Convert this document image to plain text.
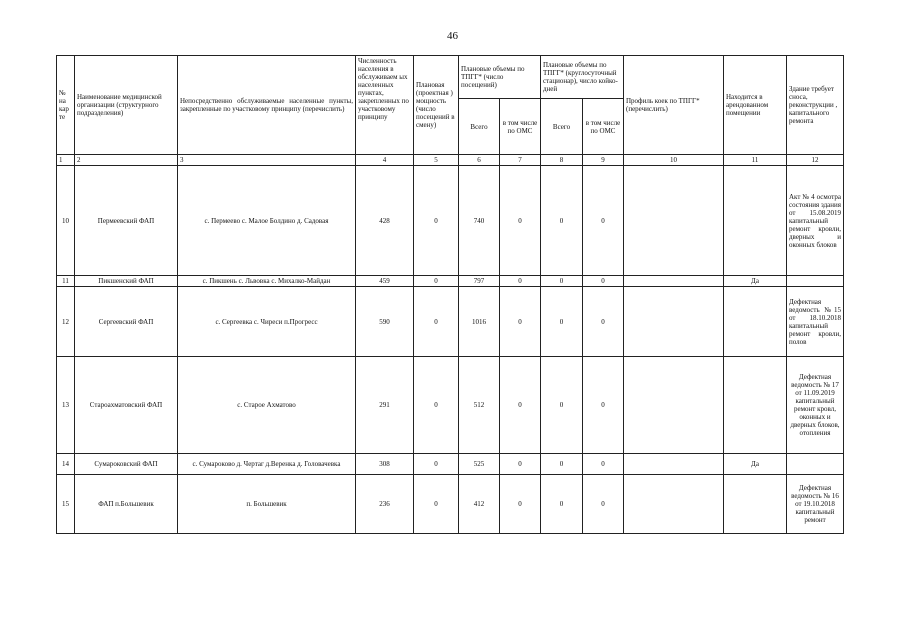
46
№ на кар те	Наименование медицинской организации (структурного подразделения)	Непосредственно обслуживаемые населенные пункты, закрепленные по участковому принципу (перечислить)	Численность населения в обслуживаем ых населенных пунктах, закрепленных по участковому принципу	Плановая (проектная ) мощность (число посещений в смену)	Плановые объемы по ТПГГ* (число посещений)		Плановые объемы по ТПГГ* (круглосуточный стационар), число койко-дней		Профиль коек по ТПГГ* (перечислить)	Находится в арендованном помещении	Здание требует сноса, реконструкции , капитального ремонта
					Всего	в том числе по ОМС	Всего	в том числе по ОМС			
1	2	3	4	5	6	7	8	9	10	11	12
10	Пермеевский ФАП	с. Пермеево с. Малое Болдино д. Садовая	428	0	740	0	0	0			Акт № 4 осмотра состояния здания от 15.08.2019 капитальный ремонт кровли, дверных и оконных блоков
11	Пикшенский ФАП	с. Пикшень с. Львовка с. Михалко-Майдан	459	0	797	0	0	0		Да	
12	Сергеевский ФАП	с. Сергеевка с. Чиреси п.Прогресс	590	0	1016	0	0	0			Дефектная ведомость №15 от 18.10.2018 капитальный ремонт кровли, полов
13	Староахматовский ФАП	с. Старое Ахматово	291	0	512	0	0	0			Дефектная ведомость № 17 от 11.09.2019 капитальный ремонт кровл, оконных и дверных блоков, отопления
14	Сумароковский ФАП	с. Сумароково д. Чертаг д.Веренка д. Головачевка	308	0	525	0	0	0		Да	
15	ФАП п.Большевик	п. Большевик	236	0	412	0	0	0			Дефектная ведомость № 16 от 19.10.2018 капитальный ремонт
